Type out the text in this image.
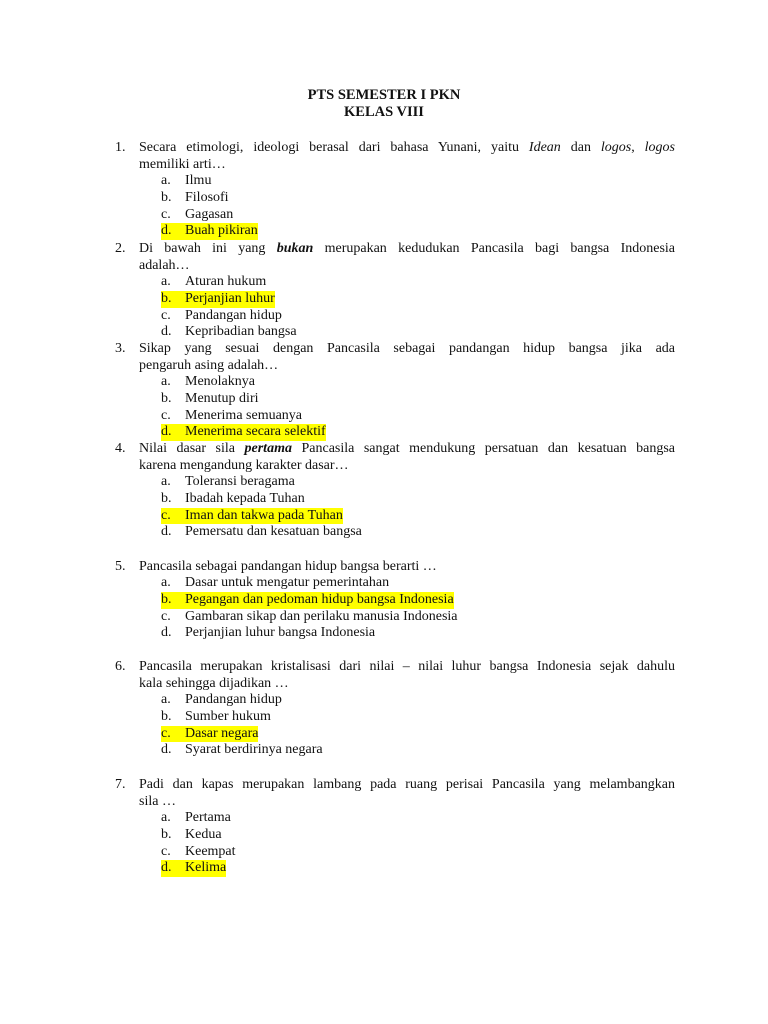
PTS SEMESTER I PKN
KELAS VIII
1. Secara etimologi, ideologi berasal dari bahasa Yunani, yaitu Idean dan logos, logos
memiliki arti…
a.	Ilmu
b. Filosofi
c.	Gagasan
d. Buah pikiran
2. Di bawah ini yang bukan merupakan kedudukan Pancasila bagi bangsa Indonesia
adalah…
a.	Aturan hukum
b. Perjanjian luhur
c.	Pandangan hidup
d. Kepribadian bangsa
3. Sikap yang sesuai dengan Pancasila sebagai pandangan hidup bangsa jika ada
pengaruh asing adalah…
a.	Menolaknya
b. Menutup diri
c.	Menerima semuanya
d. Menerima secara selektif
4. Nilai dasar sila pertama Pancasila sangat mendukung persatuan dan kesatuan bangsa
karena mengandung karakter dasar…
a.	Toleransi beragama
b. Ibadah kepada Tuhan
c.	Iman dan takwa pada Tuhan
d. Pemersatu dan kesatuan bangsa
5. Pancasila sebagai pandangan hidup bangsa berarti …
a.	Dasar untuk mengatur pemerintahan
b. Pegangan dan pedoman hidup bangsa Indonesia
c.	Gambaran sikap dan perilaku manusia Indonesia
d. Perjanjian luhur bangsa Indonesia
6. Pancasila merupakan kristalisasi dari nilai – nilai luhur bangsa Indonesia sejak dahulu
kala sehingga dijadikan …
a.	Pandangan hidup
b. Sumber hukum
c.	Dasar negara
d. Syarat berdirinya negara
7. Padi dan kapas merupakan lambang pada ruang perisai Pancasila yang melambangkan
sila …
a.	Pertama
b. Kedua
c.	Keempat
d. Kelima
